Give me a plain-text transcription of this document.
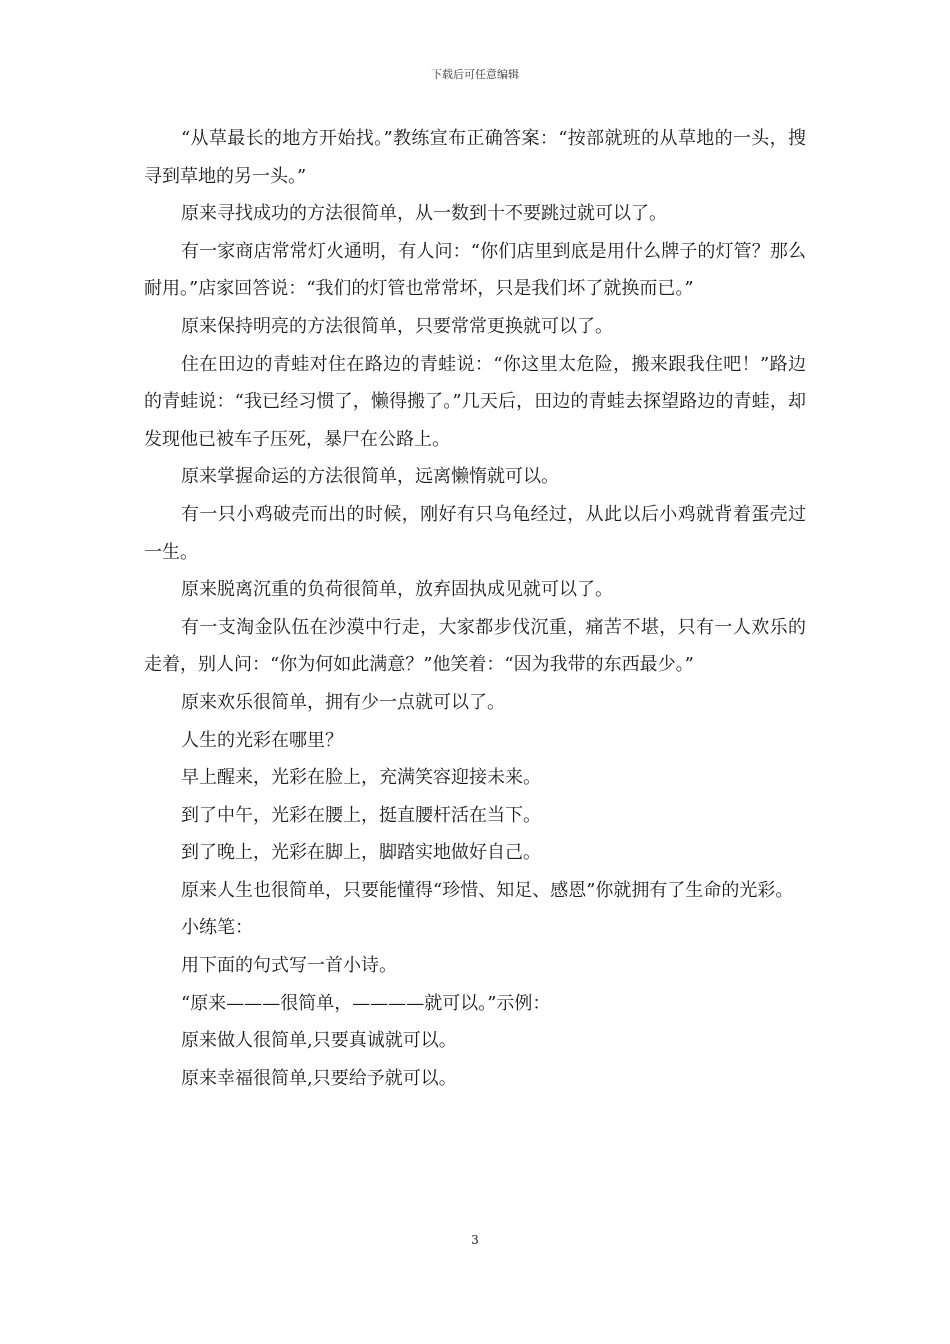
下载后可任意编辑

“从草最长的地方开始找。”教练宣布正确答案：“按部就班的从草地的一头，搜寻到草地的另一头。”

原来寻找成功的方法很简单，从一数到十不要跳过就可以了。

有一家商店常常灯火通明，有人问：“你们店里到底是用什么牌子的灯管？那么耐用。”店家回答说：“我们的灯管也常常坏，只是我们坏了就换而已。”

原来保持明亮的方法很简单，只要常常更换就可以了。

住在田边的青蛙对住在路边的青蛙说：“你这里太危险，搬来跟我住吧！”路边的青蛙说：“我已经习惯了，懒得搬了。”几天后，田边的青蛙去探望路边的青蛙，却发现他已被车子压死，暴尸在公路上。

原来掌握命运的方法很简单，远离懒惰就可以。

有一只小鸡破壳而出的时候，刚好有只乌龟经过，从此以后小鸡就背着蛋壳过一生。

原来脱离沉重的负荷很简单，放弃固执成见就可以了。

有一支淘金队伍在沙漠中行走，大家都步伐沉重，痛苦不堪，只有一人欢乐的走着，别人问：“你为何如此满意？”他笑着：“因为我带的东西最少。”

原来欢乐很简单，拥有少一点就可以了。

人生的光彩在哪里？

早上醒来，光彩在脸上，充满笑容迎接未来。

到了中午，光彩在腰上，挺直腰杆活在当下。

到了晚上，光彩在脚上，脚踏实地做好自己。

原来人生也很简单，只要能懂得“珍惜、知足、感恩”你就拥有了生命的光彩。

小练笔：

用下面的句式写一首小诗。

“原来———很简单，————就可以。”示例：

原来做人很简单,只要真诚就可以。

原来幸福很简单,只要给予就可以。

3
